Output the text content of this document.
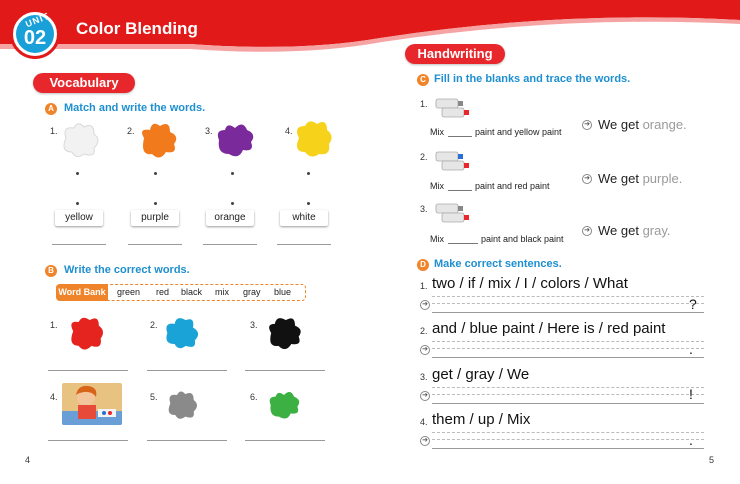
UNIT
02	Color Blending
Vocabulary
A Match and write the words.
1.	2.	3.	4.
yellow	purple	orange	white
B Write the correct words.
Word Bank green red black mix gray blue
1.	2.	3.
4.	5.	6.
4
Handwriting
C Fill in the blanks and trace the words.
1.
Mix	paint and yellow paint
➔ We get orange.
2.
Mix	paint and red paint
➔ We get purple.
3.
Mix	paint and black paint
➔ We get gray.
D Make correct sentences.
1. two / if / mix / I / colors / What
➔	?
2. and / blue paint / Here is / red paint
➔	.
3. get / gray / We
➔	!
4. them / up / Mix
➔	.
5
